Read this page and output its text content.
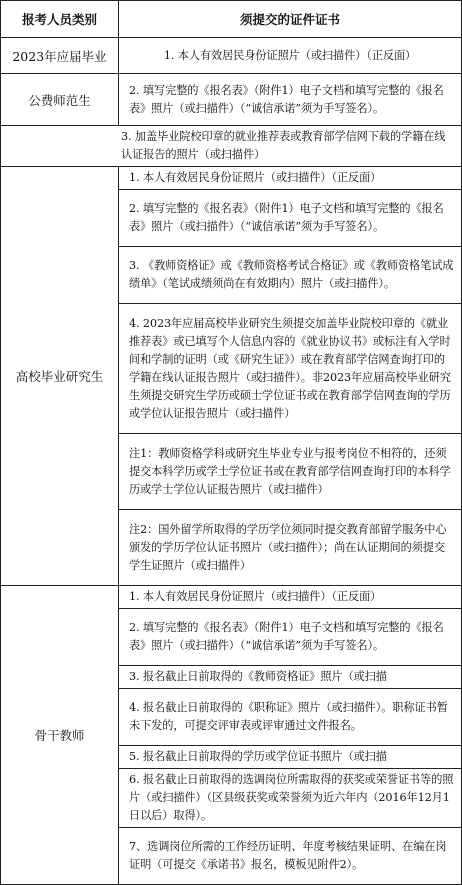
报考人员类别	须提交的证件证书
2023年应届毕业	1. 本人有效居民身份证照片（或扫描件）（正反面）
公费师范生	2. 填写完整的《报名表》（附件1）电子文档和填写完整的《报名表》照片（或扫描件）（“诚信承诺”须为手写签名）。
3. 加盖毕业院校印章的就业推荐表或教育部学信网下载的学籍在线认证报告的照片（或扫描件）	
高校毕业研究生	1. 本人有效居民身份证照片（或扫描件）（正反面）
	2. 填写完整的《报名表》（附件1）电子文档和填写完整的《报名表》照片（或扫描件）（“诚信承诺”须为手写签名）。
	3. 《教师资格证》或《教师资格考试合格证》或《教师资格笔试成绩单》（笔试成绩须尚在有效期内）照片（或扫描件）。
	4. 2023年应届高校毕业研究生须提交加盖毕业院校印章的《就业推荐表》或已填写个人信息内容的《就业协议书》或标注有入学时间和学制的证明（或《研究生证》）或在教育部学信网查询打印的学籍在线认证报告照片（或扫描件）。非2023年应届高校毕业研究生须提交研究生学历或硕士学位证书或在教育部学信网查询的学历或学位认证报告照片（或扫描件）
	注1：教师资格学科或研究生毕业专业与报考岗位不相符的，还须提交本科学历或学士学位证书或在教育部学信网查询打印的本科学历或学士学位认证报告照片（或扫描件）
	注2：国外留学所取得的学历学位须同时提交教育部留学服务中心颁发的学历学位认证书照片（或扫描件）；尚在认证期间的须提交学生证照片（或扫描件）
骨干教师	1. 本人有效居民身份证照片（或扫描件）（正反面）
	2. 填写完整的《报名表》（附件1）电子文档和填写完整的《报名表》照片（或扫描件）（“诚信承诺”须为手写签名）。
	3. 报名截止日前取得的《教师资格证》照片（或扫描
	4. 报名截止日前取得的《职称证》照片（或扫描件）。职称证书暂未下发的，可提交评审表或评审通过文件报名。
	5. 报名截止日前取得的学历或学位证书照片（或扫描
	6. 报名截止日前取得的选调岗位所需取得的获奖或荣誉证书等的照片（或扫描件）（区县级获奖或荣誉须为近六年内（2016年12月1日以后）取得）。
	7、选调岗位所需的工作经历证明、年度考核结果证明、在编在岗证明（可提交《承诺书》报名，模板见附件2）。
